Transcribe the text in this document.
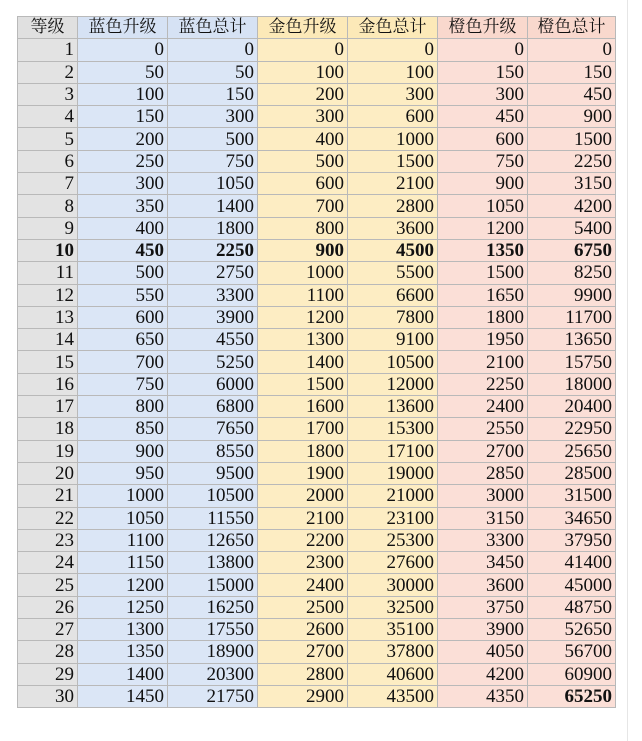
等级	蓝色升级	蓝色总计	金色升级	金色总计	橙色升级	橙色总计
1	0	0	0	0	0	0
2	50	50	100	100	150	150
3	100	150	200	300	300	450
4	150	300	300	600	450	900
5	200	500	400	1000	600	1500
6	250	750	500	1500	750	2250
7	300	1050	600	2100	900	3150
8	350	1400	700	2800	1050	4200
9	400	1800	800	3600	1200	5400
10	450	2250	900	4500	1350	6750
11	500	2750	1000	5500	1500	8250
12	550	3300	1100	6600	1650	9900
13	600	3900	1200	7800	1800	11700
14	650	4550	1300	9100	1950	13650
15	700	5250	1400	10500	2100	15750
16	750	6000	1500	12000	2250	18000
17	800	6800	1600	13600	2400	20400
18	850	7650	1700	15300	2550	22950
19	900	8550	1800	17100	2700	25650
20	950	9500	1900	19000	2850	28500
21	1000	10500	2000	21000	3000	31500
22	1050	11550	2100	23100	3150	34650
23	1100	12650	2200	25300	3300	37950
24	1150	13800	2300	27600	3450	41400
25	1200	15000	2400	30000	3600	45000
26	1250	16250	2500	32500	3750	48750
27	1300	17550	2600	35100	3900	52650
28	1350	18900	2700	37800	4050	56700
29	1400	20300	2800	40600	4200	60900
30	1450	21750	2900	43500	4350	65250
